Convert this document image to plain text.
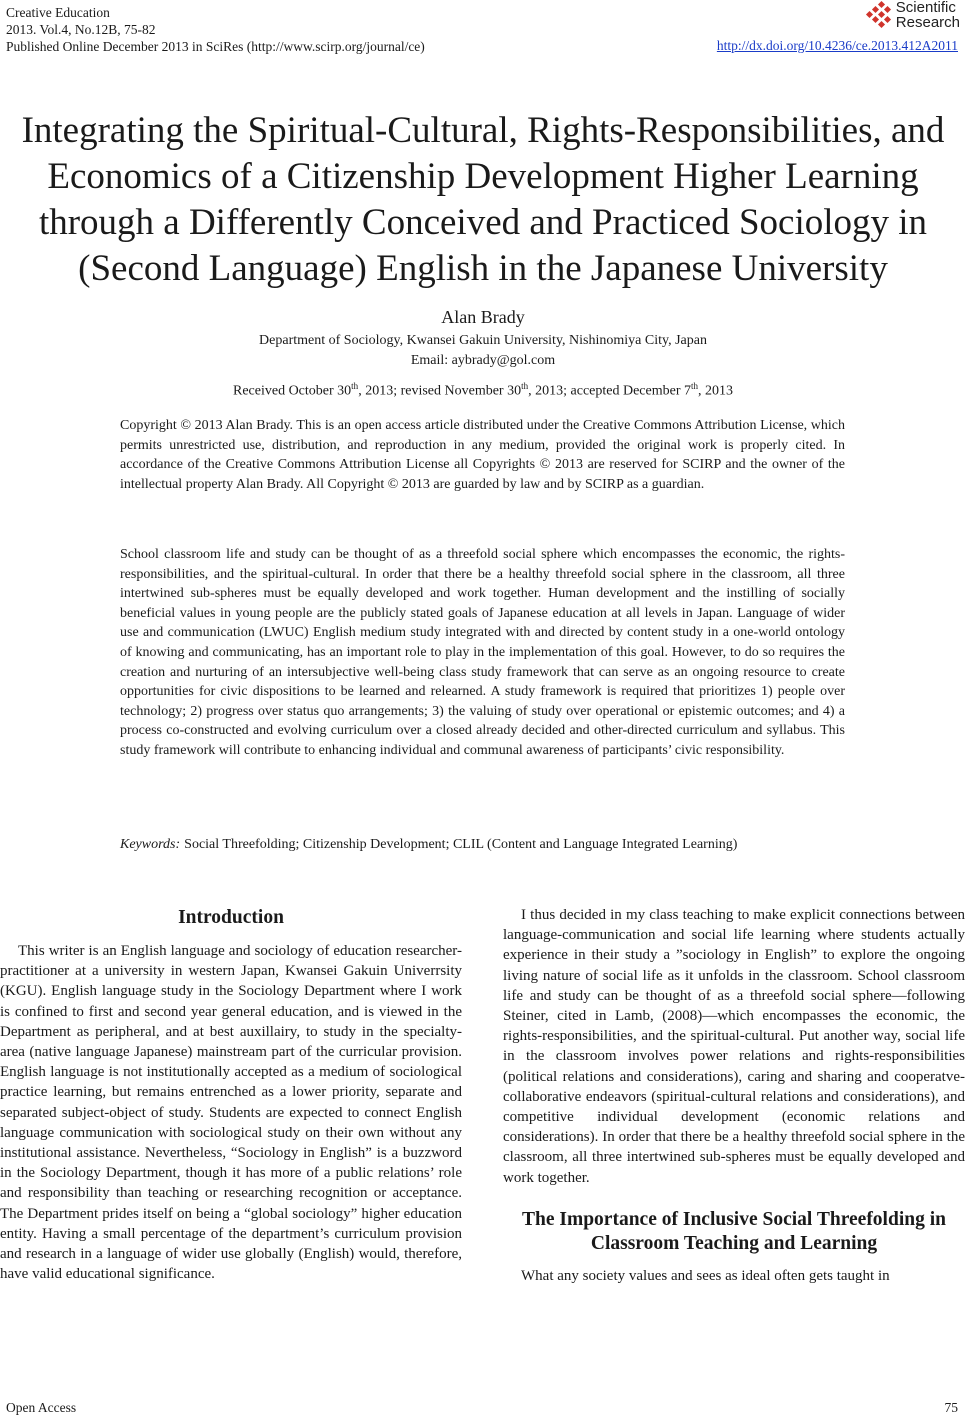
Creative Education
2013. Vol.4, No.12B, 75-82
Published Online December 2013 in SciRes (http://www.scirp.org/journal/ce)
Scientific
Research
http://dx.doi.org/10.4236/ce.2013.412A2011
Integrating the Spiritual-Cultural, Rights-Responsibilities, and Economics of a Citizenship Development Higher Learning through a Differently Conceived and Practiced Sociology in (Second Language) English in the Japanese University
Alan Brady
Department of Sociology, Kwansei Gakuin University, Nishinomiya City, Japan
Email: aybrady@gol.com
Received October 30th, 2013; revised November 30th, 2013; accepted December 7th, 2013
Copyright © 2013 Alan Brady. This is an open access article distributed under the Creative Commons Attribution License, which permits unrestricted use, distribution, and reproduction in any medium, provided the original work is properly cited. In accordance of the Creative Commons Attribution License all Copyrights © 2013 are reserved for SCIRP and the owner of the intellectual property Alan Brady. All Copyright © 2013 are guarded by law and by SCIRP as a guardian.
School classroom life and study can be thought of as a threefold social sphere which encompasses the economic, the rights-responsibilities, and the spiritual-cultural. In order that there be a healthy threefold social sphere in the classroom, all three intertwined sub-spheres must be equally developed and work together. Human development and the instilling of socially beneficial values in young people are the publicly stated goals of Japanese education at all levels in Japan. Language of wider use and communication (LWUC) English medium study integrated with and directed by content study in a one-world ontology of knowing and communicating, has an important role to play in the implementation of this goal. However, to do so requires the creation and nurturing of an intersubjective well-being class study framework that can serve as an ongoing resource to create opportunities for civic dispositions to be learned and relearned. A study framework is required that prioritizes 1) people over technology; 2) progress over status quo arrangements; 3) the valuing of study over operational or epistemic outcomes; and 4) a process co-constructed and evolving curriculum over a closed already decided and other-directed curriculum and syllabus. This study framework will contribute to enhancing individual and communal awareness of participants’ civic responsibility.
Keywords: Social Threefolding; Citizenship Development; CLIL (Content and Language Integrated Learning)
Introduction

This writer is an English language and sociology of education researcher-practitioner at a university in western Japan, Kwansei Gakuin Univerrsity (KGU). English language study in the Sociology Department where I work is confined to first and second year general education, and is viewed in the Department as peripheral, and at best auxillairy, to study in the specialty-area (native language Japanese) mainstream part of the curricular provision. English language is not institutionally accepted as a medium of sociological practice learning, but remains entrenched as a lower priority, separate and separated subject-object of study. Students are expected to connect English language communication with sociological study on their own without any institutional assistance. Nevertheless, “Sociology in English” is a buzzword in the Sociology Department, though it has more of a public relations’ role and responsibility than teaching or researching recognition or acceptance. The Department prides itself on being a “global sociology” higher education entity. Having a small percentage of the department’s curriculum provision and research in a language of wider use globally (English) would, therefore, have valid educational significance.

I thus decided in my class teaching to make explicit connections between language-communication and social life learning where students actually experience in their study a ”sociology in English” to explore the ongoing living nature of social life as it unfolds in the classroom. School classroom life and study can be thought of as a threefold social sphere—following Steiner, cited in Lamb, (2008)—which encompasses the economic, the rights-responsibilities, and the spiritual-cultural. Put another way, social life in the classroom involves power relations and rights-responsibilities (political relations and considerations), caring and sharing and cooperatve-collaborative endeavors (spiritual-cultural relations and considerations), and competitive individual development (economic relations and considerations). In order that there be a healthy threefold social sphere in the classroom, all three intertwined sub-spheres must be equally developed and work together.

The Importance of Inclusive Social Threefolding in Classroom Teaching and Learning

What any society values and sees as ideal often gets taught in

Open Access	75
